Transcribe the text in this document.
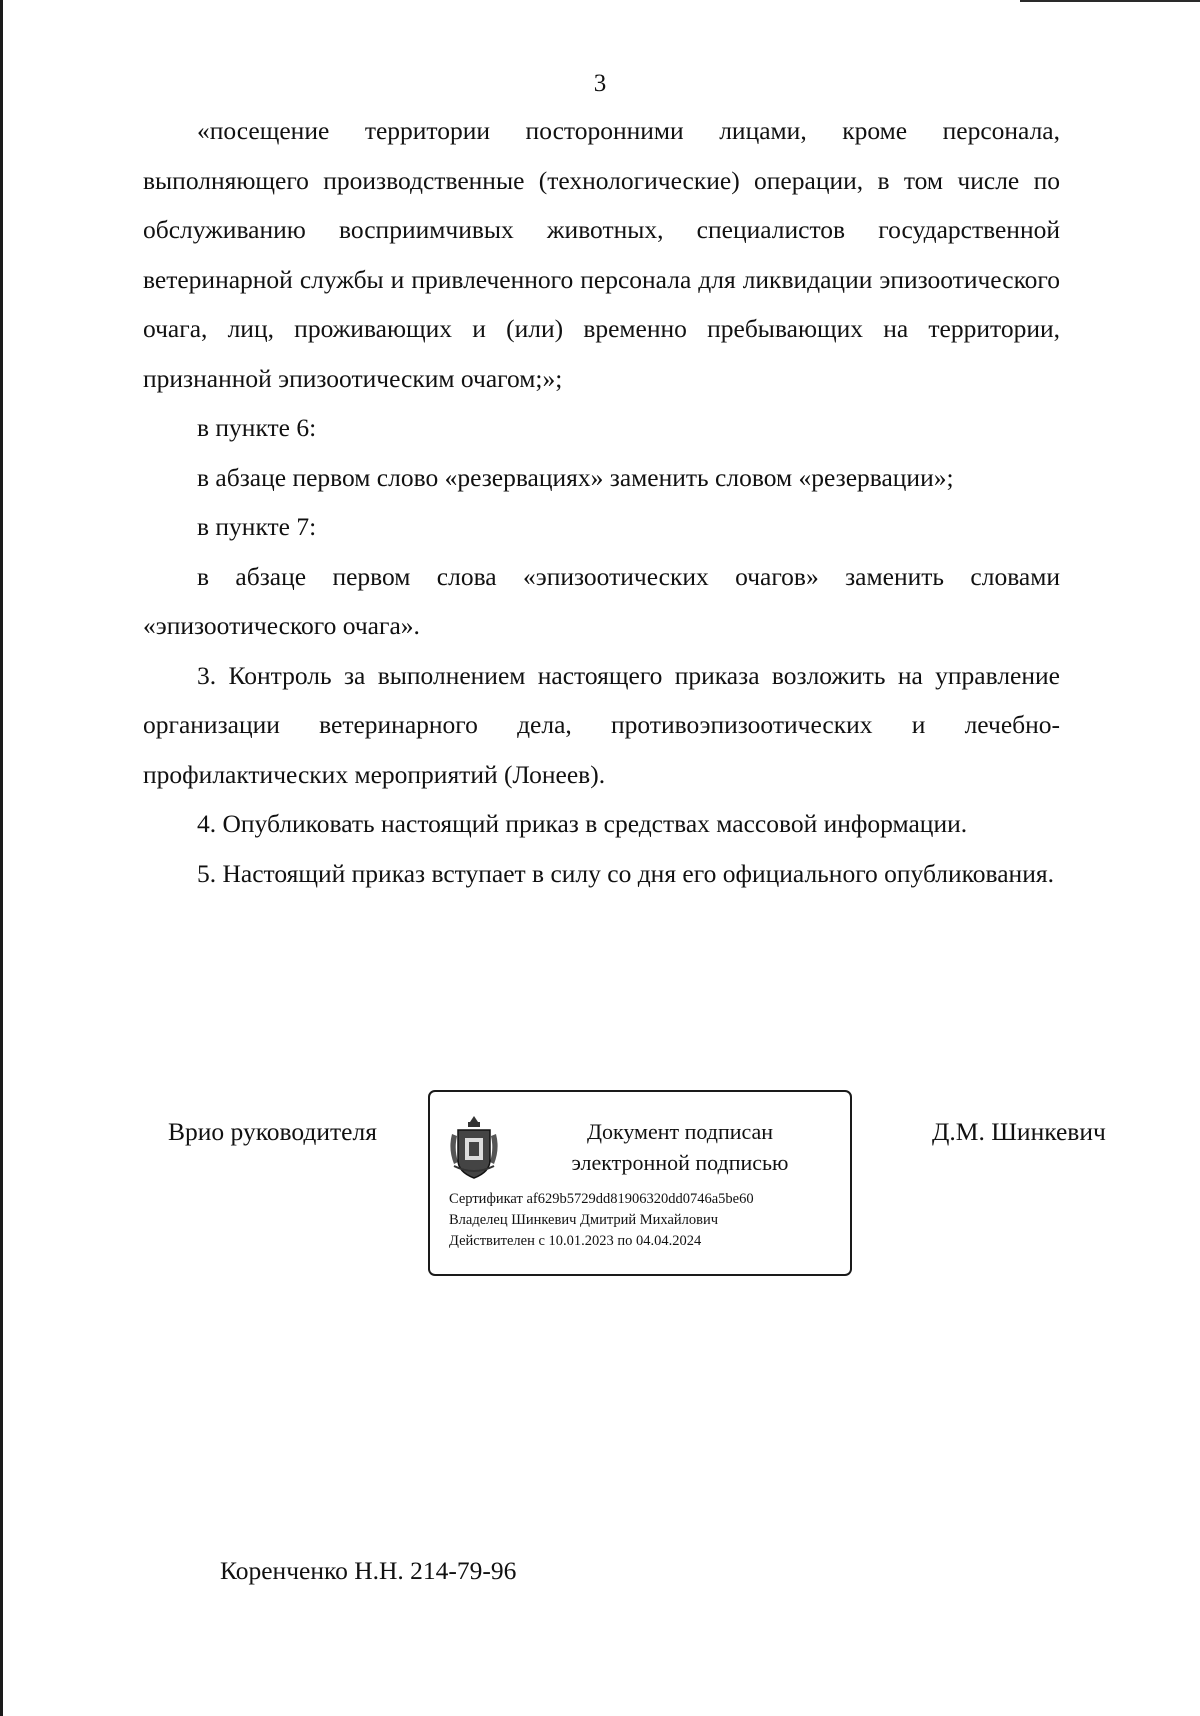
3

«посещение территории посторонними лицами, кроме персонала, выполняющего производственные (технологические) операции, в том числе по обслуживанию восприимчивых животных, специалистов государственной ветеринарной службы и привлеченного персонала для ликвидации эпизоотического очага, лиц, проживающих и (или) временно пребывающих на территории, признанной эпизоотическим очагом;»;

в пункте 6:

в абзаце первом слово «резервациях» заменить словом «резервации»;

в пункте 7:

в абзаце первом слова «эпизоотических очагов» заменить словами «эпизоотического очага».

3. Контроль за выполнением настоящего приказа возложить на управление организации ветеринарного дела, противоэпизоотических и лечебно-профилактических мероприятий (Лонеев).

4. Опубликовать настоящий приказ в средствах массовой информации.

5. Настоящий приказ вступает в силу со дня его официального опубликования.

Врио руководителя	Документ подписан
электронной подписью
Сертификат af629b5729dd81906320dd0746a5be60
Владелец Шинкевич Дмитрий Михайлович
Действителен с 10.01.2023 по 04.04.2024
Д.М. Шинкевич
Коренченко Н.Н. 214-79-96
